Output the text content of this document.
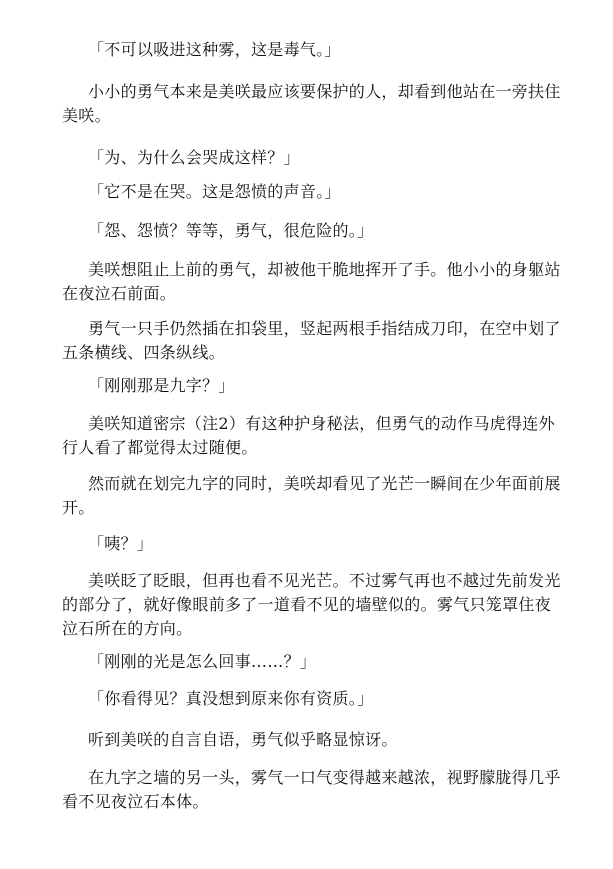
「不可以吸进这种雾，这是毒气。」

小小的勇气本来是美咲最应该要保护的人，却看到他站在一旁扶住美咲。

「为、为什么会哭成这样？」

「它不是在哭。这是怨愤的声音。」

「怨、怨愤？等等，勇气，很危险的。」

美咲想阻止上前的勇气，却被他干脆地挥开了手。他小小的身躯站在夜泣石前面。

勇气一只手仍然插在扣袋里，竖起两根手指结成刀印，在空中划了五条横线、四条纵线。

「刚刚那是九字？」

美咲知道密宗（注2）有这种护身秘法，但勇气的动作马虎得连外行人看了都觉得太过随便。

然而就在划完九字的同时，美咲却看见了光芒一瞬间在少年面前展开。

「咦？」

美咲眨了眨眼，但再也看不见光芒。不过雾气再也不越过先前发光的部分了，就好像眼前多了一道看不见的墙壁似的。雾气只笼罩住夜泣石所在的方向。

「刚刚的光是怎么回事……？」

「你看得见？真没想到原来你有资质。」

听到美咲的自言自语，勇气似乎略显惊讶。

在九字之墙的另一头，雾气一口气变得越来越浓，视野朦胧得几乎看不见夜泣石本体。
